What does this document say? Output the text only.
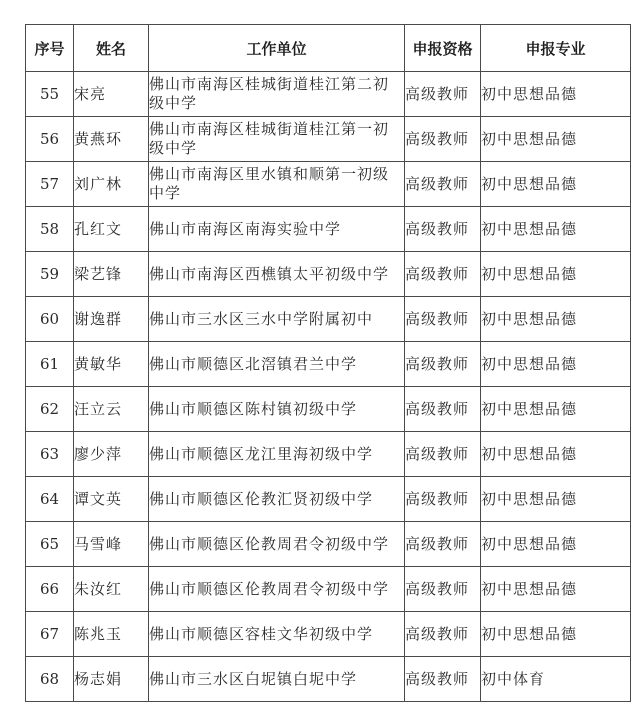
序号	姓名	工作单位	申报资格	申报专业
55	宋亮	佛山市南海区桂城街道桂江第二初级中学	高级教师	初中思想品德
56	黄燕环	佛山市南海区桂城街道桂江第一初级中学	高级教师	初中思想品德
57	刘广林	佛山市南海区里水镇和顺第一初级中学	高级教师	初中思想品德
58	孔红文	佛山市南海区南海实验中学	高级教师	初中思想品德
59	梁艺锋	佛山市南海区西樵镇太平初级中学	高级教师	初中思想品德
60	谢逸群	佛山市三水区三水中学附属初中	高级教师	初中思想品德
61	黄敏华	佛山市顺德区北滘镇君兰中学	高级教师	初中思想品德
62	汪立云	佛山市顺德区陈村镇初级中学	高级教师	初中思想品德
63	廖少萍	佛山市顺德区龙江里海初级中学	高级教师	初中思想品德
64	谭文英	佛山市顺德区伦教汇贤初级中学	高级教师	初中思想品德
65	马雪峰	佛山市顺德区伦教周君令初级中学	高级教师	初中思想品德
66	朱汝红	佛山市顺德区伦教周君令初级中学	高级教师	初中思想品德
67	陈兆玉	佛山市顺德区容桂文华初级中学	高级教师	初中思想品德
68	杨志娟	佛山市三水区白坭镇白坭中学	高级教师	初中体育
